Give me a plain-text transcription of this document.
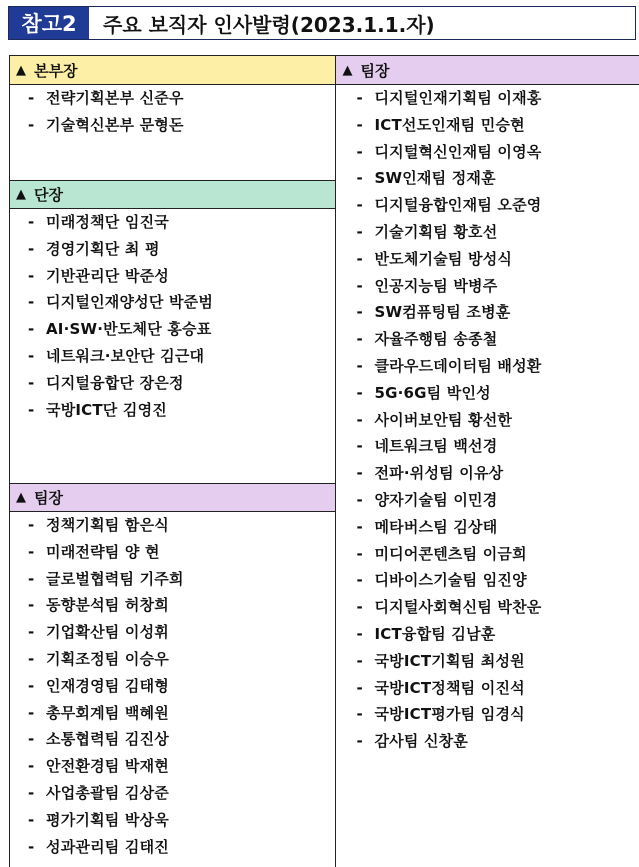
참고2	주요 보직자 인사발령(2023.1.1.자)
▲ 본부장
- 전략기획본부 신준우
- 기술혁신본부 문형돈
▲ 단장
- 미래정책단 임진국
- 경영기획단 최 평
- 기반관리단 박준성
- 디지털인재양성단 박준범
- AI·SW·반도체단 홍승표
- 네트워크·보안단 김근대
- 디지털융합단 장은정
- 국방ICT단 김영진
▲ 팀장
- 정책기획팀 함은식
- 미래전략팀 양 현
- 글로벌협력팀 기주희
- 동향분석팀 허창희
- 기업확산팀 이성휘
- 기획조정팀 이승우
- 인재경영팀 김태형
- 총무회계팀 백혜원
- 소통협력팀 김진상
- 안전환경팀 박재현
- 사업총괄팀 김상준
- 평가기획팀 박상욱
- 성과관리팀 김태진
▲ 팀장
- 디지털인재기획팀 이재홍
- ICT선도인재팀 민승현
- 디지털혁신인재팀 이영옥
- SW인재팀 정재훈
- 디지털융합인재팀 오준영
- 기술기획팀 황호선
- 반도체기술팀 방성식
- 인공지능팀 박병주
- SW컴퓨팅팀 조병훈
- 자율주행팀 송종철
- 클라우드데이터팀 배성환
- 5G·6G팀 박인성
- 사이버보안팀 황선한
- 네트워크팀 백선경
- 전파·위성팀 이유상
- 양자기술팀 이민경
- 메타버스팀 김상태
- 미디어콘텐츠팀 이금희
- 디바이스기술팀 임진양
- 디지털사회혁신팀 박찬운
- ICT융합팀 김남훈
- 국방ICT기획팀 최성원
- 국방ICT정책팀 이진석
- 국방ICT평가팀 임경식
- 감사팀 신창훈
